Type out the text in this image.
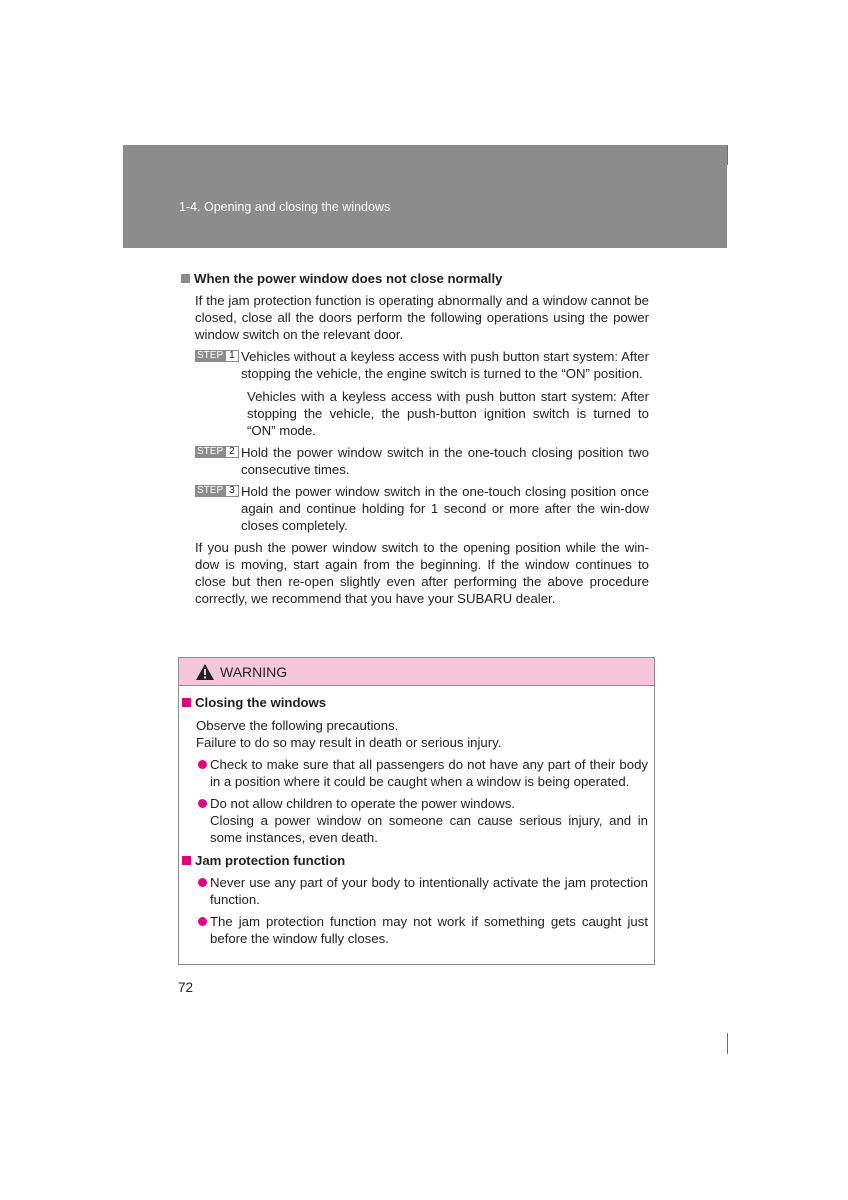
1-4. Opening and closing the windows
When the power window does not close normally
If the jam protection function is operating abnormally and a window cannot be closed, close all the doors perform the following operations using the power window switch on the relevant door.
STEP 1 Vehicles without a keyless access with push button start system: After stopping the vehicle, the engine switch is turned to the “ON” position.
Vehicles with a keyless access with push button start system: After stopping the vehicle, the push-button ignition switch is turned to “ON” mode.
STEP 2 Hold the power window switch in the one-touch closing position two consecutive times.
STEP 3 Hold the power window switch in the one-touch closing position once again and continue holding for 1 second or more after the win-dow closes completely.
If you push the power window switch to the opening position while the win-dow is moving, start again from the beginning. If the window continues to close but then re-open slightly even after performing the above procedure correctly, we recommend that you have your SUBARU dealer.
WARNING
Closing the windows
Observe the following precautions.
Failure to do so may result in death or serious injury.
Check to make sure that all passengers do not have any part of their body in a position where it could be caught when a window is being operated.
Do not allow children to operate the power windows.
Closing a power window on someone can cause serious injury, and in some instances, even death.
Jam protection function
Never use any part of your body to intentionally activate the jam protection function.
The jam protection function may not work if something gets caught just before the window fully closes.
72
